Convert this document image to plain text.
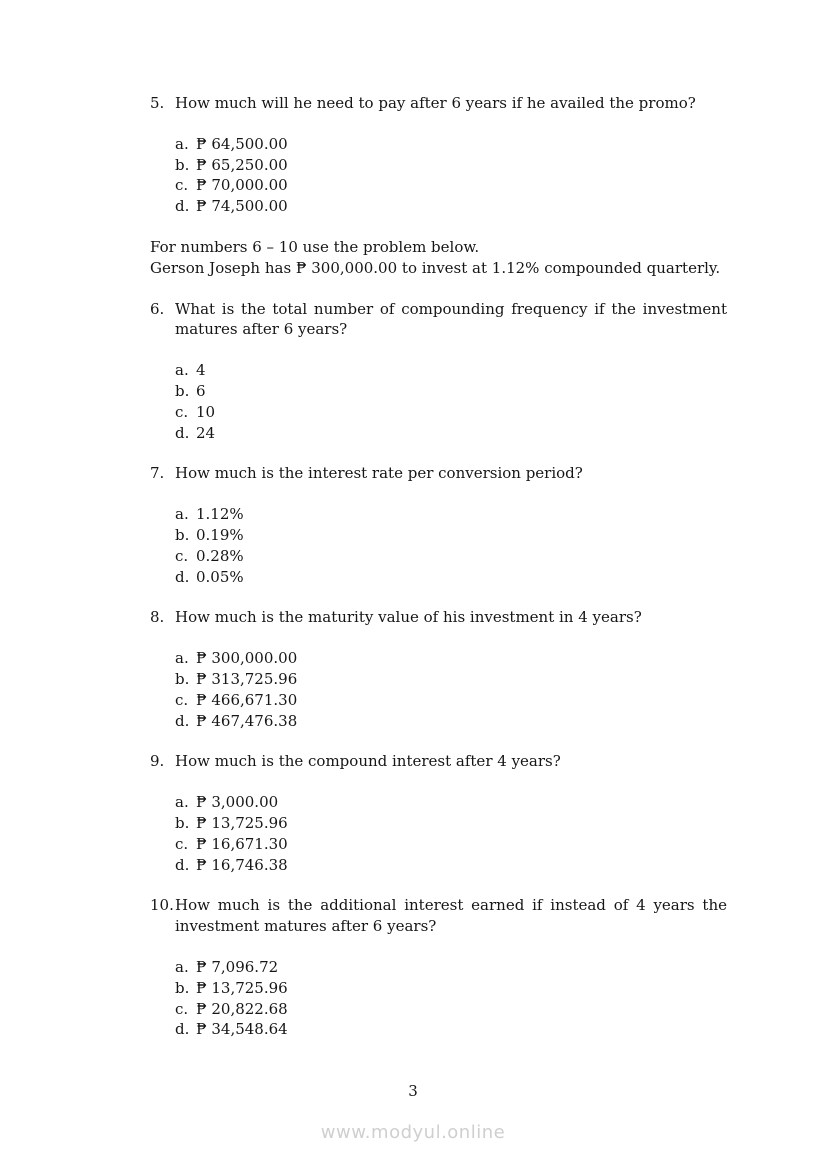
5. How much will he need to pay after 6 years if he availed the promo?
a. ₱ 64,500.00
b. ₱ 65,250.00
c. ₱ 70,000.00
d. ₱ 74,500.00
For numbers 6 – 10 use the problem below.
Gerson Joseph has ₱ 300,000.00 to invest at 1.12% compounded quarterly.
6. What is the total number of compounding frequency if the investment matures after 6 years?
a. 4
b. 6
c. 10
d. 24
7. How much is the interest rate per conversion period?
a. 1.12%
b. 0.19%
c. 0.28%
d. 0.05%
8. How much is the maturity value of his investment in 4 years?
a. ₱ 300,000.00
b. ₱ 313,725.96
c. ₱ 466,671.30
d. ₱ 467,476.38
9. How much is the compound interest after 4 years?
a. ₱ 3,000.00
b. ₱ 13,725.96
c. ₱ 16,671.30
d. ₱ 16,746.38
10. How much is the additional interest earned if instead of 4 years the investment matures after 6 years?
a. ₱ 7,096.72
b. ₱ 13,725.96
c. ₱ 20,822.68
d. ₱ 34,548.64
3
www.modyul.online
